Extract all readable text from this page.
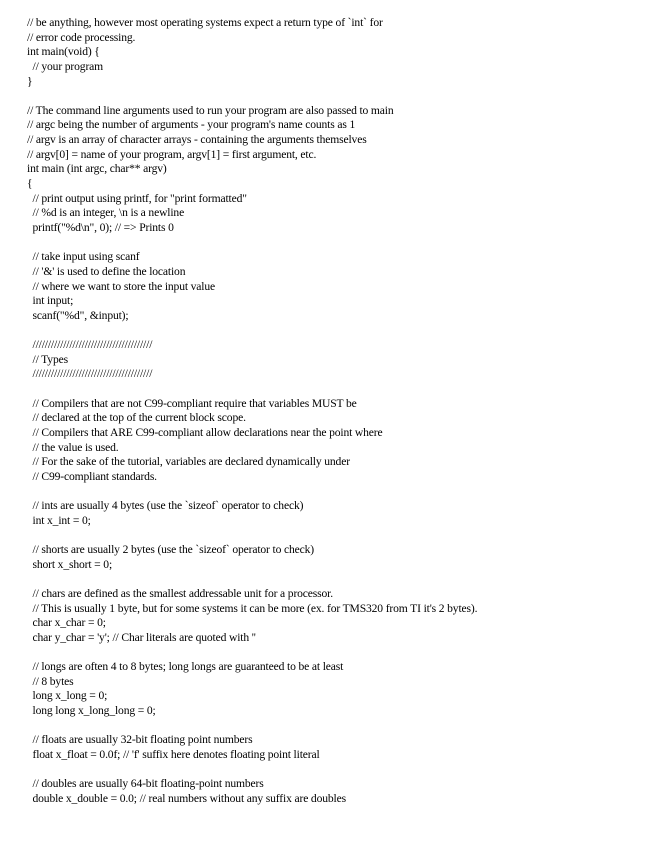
// be anything, however most operating systems expect a return type of `int` for
// error code processing.
int main(void) {
// your program
}

// The command line arguments used to run your program are also passed to main
// argc being the number of arguments - your program's name counts as 1
// argv is an array of character arrays - containing the arguments themselves
// argv[0] = name of your program, argv[1] = first argument, etc.
int main (int argc, char** argv)
{
// print output using printf, for "print formatted"
// %d is an integer, \n is a newline
printf("%d\n", 0); // => Prints 0

// take input using scanf
// '&' is used to define the location
// where we want to store the input value
int input;
scanf("%d", &input);

///////////////////////////////////////
// Types
///////////////////////////////////////

// Compilers that are not C99-compliant require that variables MUST be
// declared at the top of the current block scope.
// Compilers that ARE C99-compliant allow declarations near the point where
// the value is used.
// For the sake of the tutorial, variables are declared dynamically under
// C99-compliant standards.

// ints are usually 4 bytes (use the `sizeof` operator to check)
int x_int = 0;

// shorts are usually 2 bytes (use the `sizeof` operator to check)
short x_short = 0;

// chars are defined as the smallest addressable unit for a processor.
// This is usually 1 byte, but for some systems it can be more (ex. for TMS320 from TI it's 2 bytes).
char x_char = 0;
char y_char = 'y'; // Char literals are quoted with ''

// longs are often 4 to 8 bytes; long longs are guaranteed to be at least
// 8 bytes
long x_long = 0;
long long x_long_long = 0;

// floats are usually 32-bit floating point numbers
float x_float = 0.0f; // 'f' suffix here denotes floating point literal

// doubles are usually 64-bit floating-point numbers
double x_double = 0.0; // real numbers without any suffix are doubles
